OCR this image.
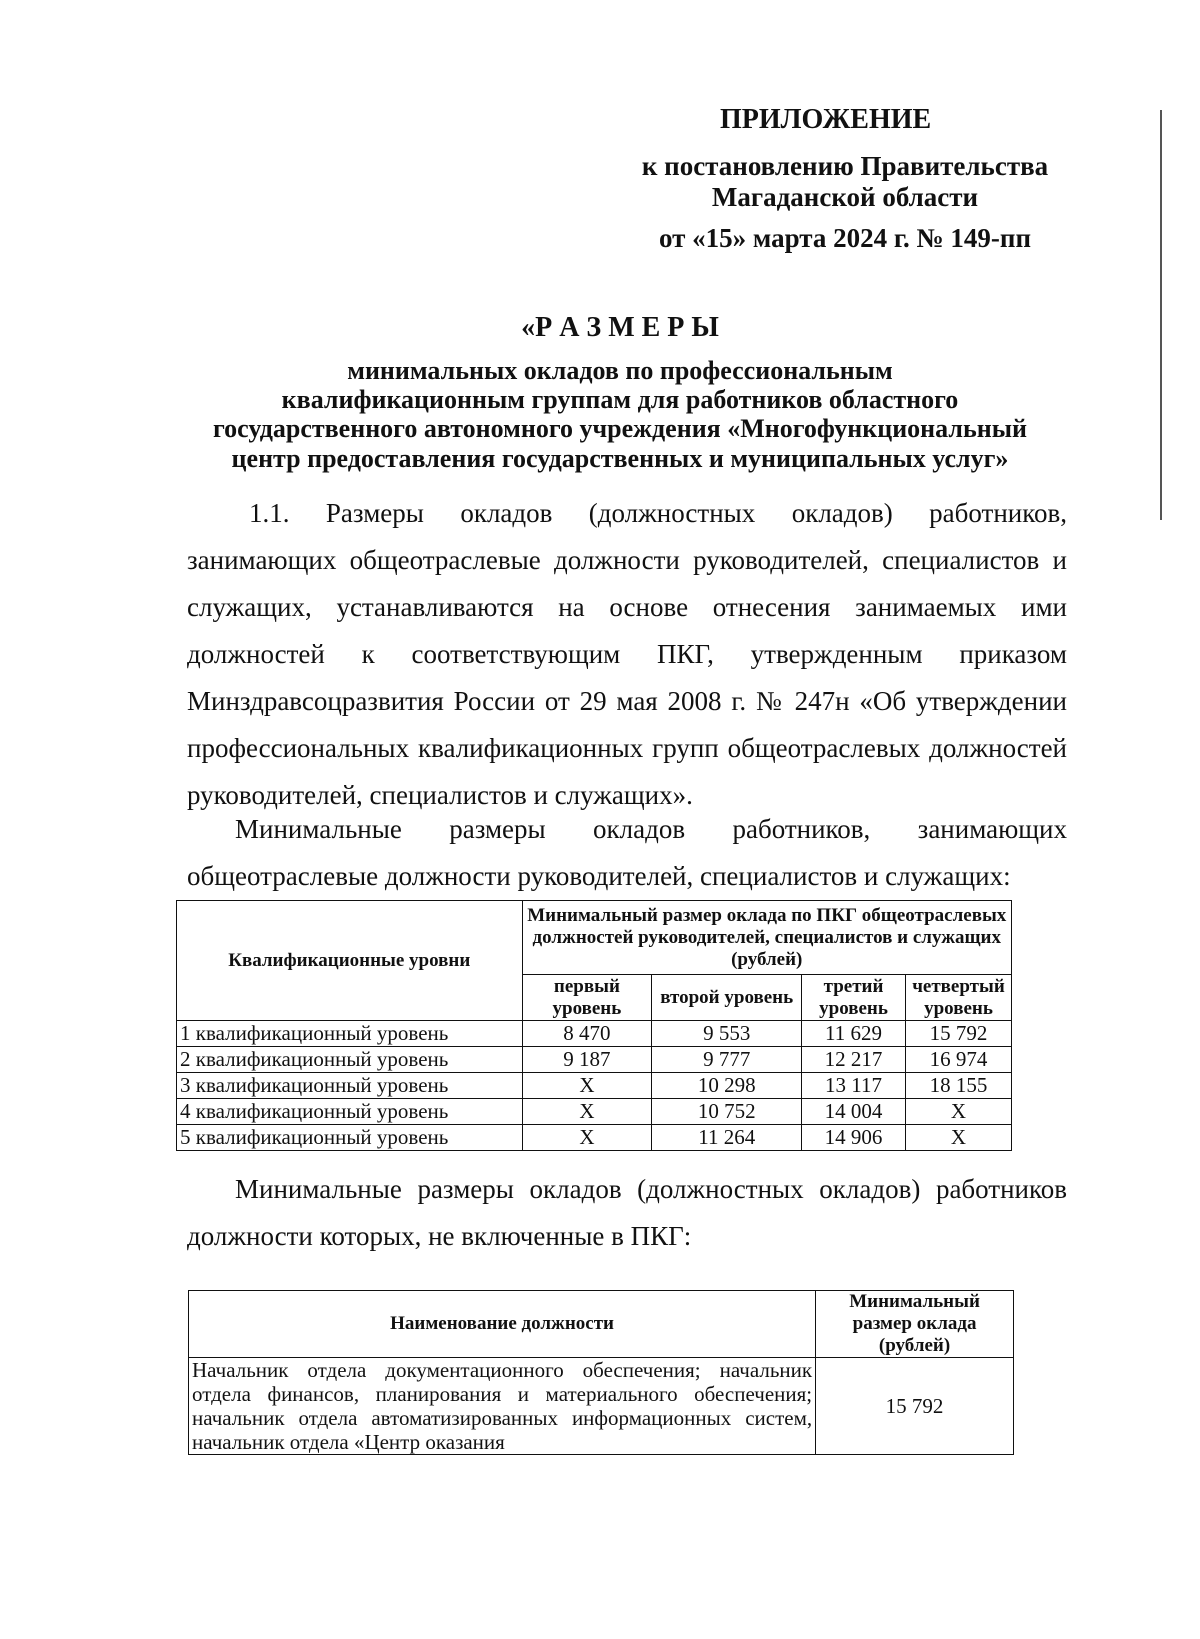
ПРИЛОЖЕНИЕ
к постановлению Правительства
Магаданской области
от «15» марта 2024 г. № 149-пп
«Р А З М Е Р Ы
минимальных окладов по профессиональным
квалификационным группам для работников областного
государственного автономного учреждения «Многофункциональный
центр предоставления государственных и муниципальных услуг»
1.1. Размеры окладов (должностных окладов) работников, занимающих общеотраслевые должности руководителей, специалистов и служащих, устанавливаются на основе отнесения занимаемых ими должностей к соответствующим ПКГ, утвержденным приказом Минздравсоцразвития России от 29 мая 2008 г. № 247н «Об утверждении профессиональных квалификационных групп общеотраслевых должностей руководителей, специалистов и служащих».
Минимальные размеры окладов работников, занимающих общеотраслевые должности руководителей, специалистов и служащих:
Квалификационные уровни	Минимальный размер оклада по ПКГ общеотраслевых должностей руководителей, специалистов и служащих (рублей)			
	первый уровень	второй уровень	третий уровень	четвертый уровень
1 квалификационный уровень	8 470	9 553	11 629	15 792
2 квалификационный уровень	9 187	9 777	12 217	16 974
3 квалификационный уровень	Х	10 298	13 117	18 155
4 квалификационный уровень	Х	10 752	14 004	Х
5 квалификационный уровень	Х	11 264	14 906	Х
Минимальные размеры окладов (должностных окладов) работников должности которых, не включенные в ПКГ:
Наименование должности	Минимальный размер оклада (рублей)
Начальник отдела документационного обеспечения; начальник отдела финансов, планирования и материального обеспечения; начальник отдела автоматизированных информационных систем, начальник отдела «Центр оказания	15 792
